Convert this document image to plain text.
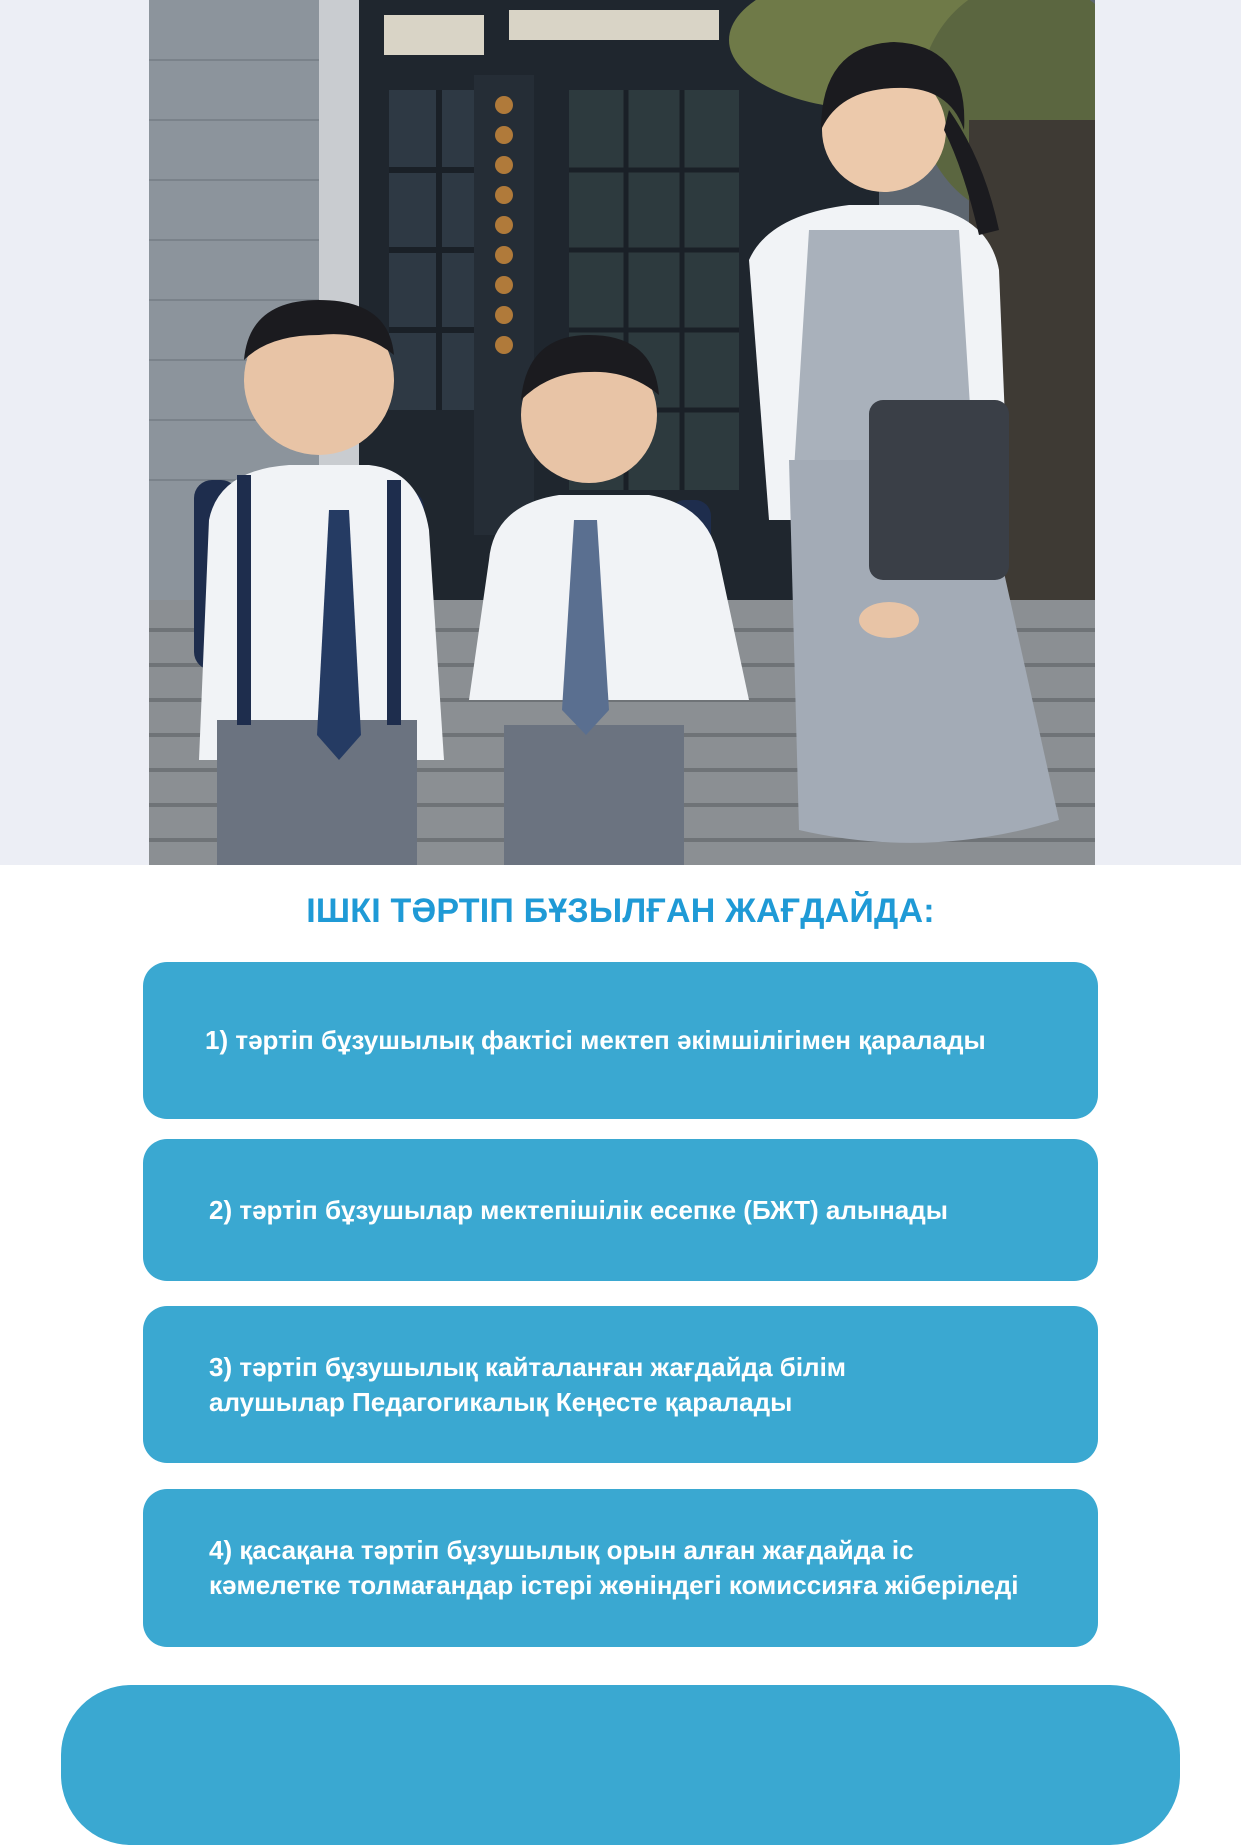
ІШКІ ТӘРТІП БҰЗЫЛҒАН ЖАҒДАЙДА:
1) тәртіп бұзушылық фактісі мектеп әкімшілігімен қаралады
2) тәртіп бұзушылар мектепішілік есепке (БЖТ) алынады
3) тәртіп бұзушылық кайталанған жағдайда білім алушылар Педагогикалық Кеңесте қаралады
4) қасақана тәртіп бұзушылық орын алған жағдайда іс кәмелетке толмағандар істері жөніндегі комиссияға жіберіледі
